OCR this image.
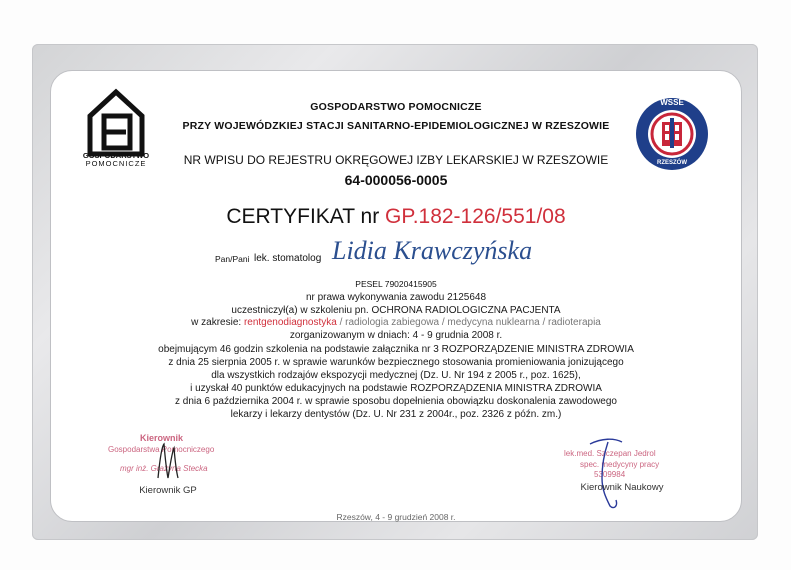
GOSPODARSTWO
POMOCNICZE
WSSE
RZESZÓW
GOSPODARSTWO POMOCNICZE
PRZY WOJEWÓDZKIEJ STACJI SANITARNO-EPIDEMIOLOGICZNEJ W RZESZOWIE
NR WPISU DO REJESTRU OKRĘGOWEJ IZBY LEKARSKIEJ W RZESZOWIE
64-000056-0005
CERTYFIKAT nr GP.182-126/551/08
Pan/Pani lek. stomatolog Lidia Krawczyńska
PESEL 79020415905
nr prawa wykonywania zawodu 2125648
uczestniczył(a) w szkoleniu pn. OCHRONA RADIOLOGICZNA PACJENTA
w zakresie: rentgenodiagnostyka / radiologia zabiegowa / medycyna nuklearna / radioterapia
zorganizowanym w dniach: 4 - 9 grudnia 2008 r.
obejmującym 46 godzin szkolenia na podstawie załącznika nr 3 ROZPORZĄDZENIE MINISTRA ZDROWIA
z dnia 25 sierpnia 2005 r. w sprawie warunków bezpiecznego stosowania promieniowania jonizującego
dla wszystkich rodzajów ekspozycji medycznej (Dz. U. Nr 194 z 2005 r., poz. 1625),
i uzyskał 40 punktów edukacyjnych na podstawie ROZPORZĄDZENIA MINISTRA ZDROWIA
z dnia 6 października 2004 r. w sprawie sposobu dopełnienia obowiązku doskonalenia zawodowego
lekarzy i lekarzy dentystów (Dz. U. Nr 231 z 2004r., poz. 2326 z późn. zm.)
Kierownik
Gospodarstwa Pomocniczego
mgr inż. Grażyna Stecka
Kierownik GP
lek.med. Szczepan Jedrol
spec. medycyny pracy
5309984
Kierownik Naukowy
Rzeszów, 4 - 9 grudzień 2008 r.
